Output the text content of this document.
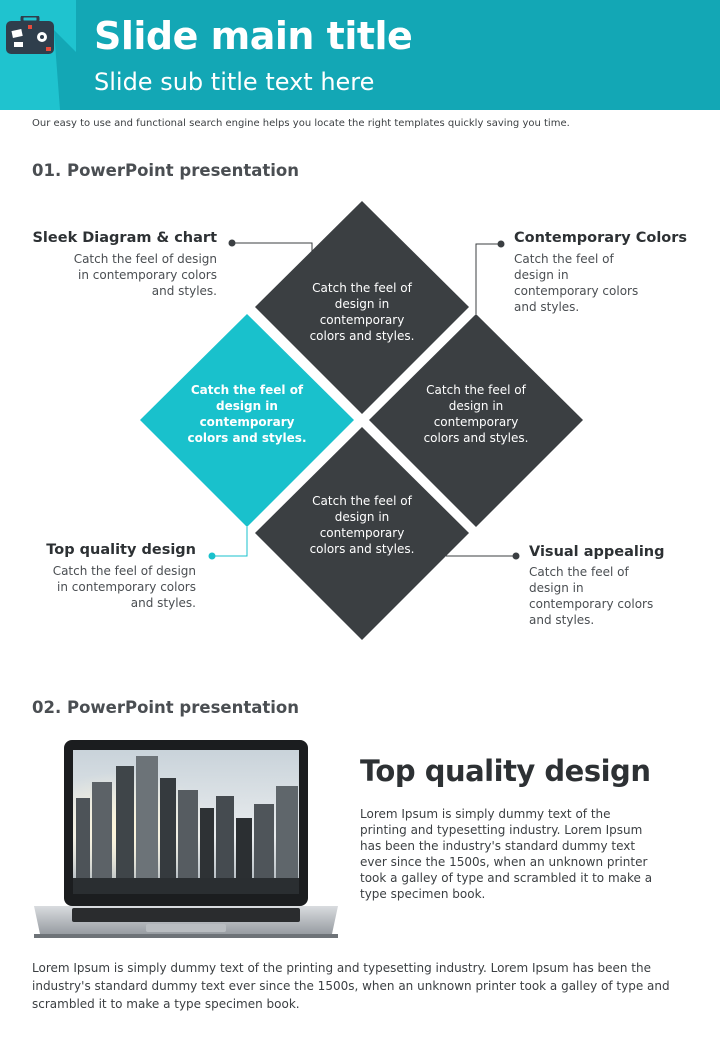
Slide main title
Slide sub title text here
Our easy to use and functional search engine helps you locate the right templates quickly saving you time.
01. PowerPoint presentation
Catch the feel of design in contemporary colors and styles.
Catch the feel of design in contemporary colors and styles.
Catch the feel of design in contemporary colors and styles.
Catch the feel of design in contemporary colors and styles.
Sleek Diagram & chart
Catch the feel of design in contemporary colors and styles.
Contemporary Colors
Catch the feel of design in contemporary colors and styles.
Top quality design
Catch the feel of design in contemporary colors and styles.
Visual appealing
Catch the feel of design in contemporary colors and styles.
02. PowerPoint presentation
Top quality design
Lorem Ipsum is simply dummy text of the printing and typesetting industry. Lorem Ipsum has been the industry's standard dummy text ever since the 1500s, when an unknown printer took a galley of type and scrambled it to make a type specimen book.
Lorem Ipsum is simply dummy text of the printing and typesetting industry. Lorem Ipsum has been the industry's standard dummy text ever since the 1500s, when an unknown printer took a galley of type and scrambled it to make a type specimen book.
